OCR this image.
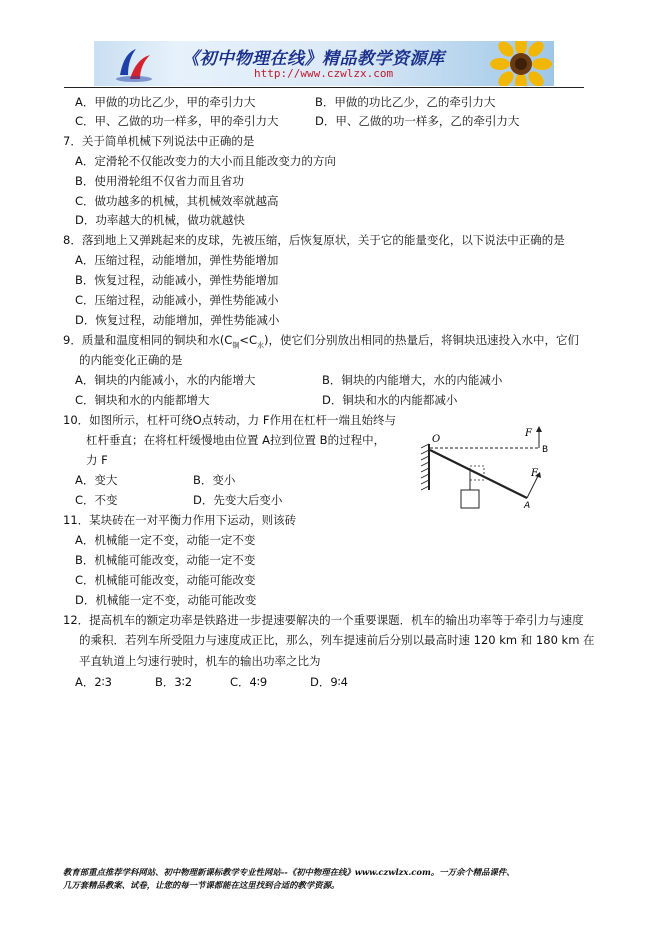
《初中物理在线》精品教学资源库
http://www.czwlzx.com
A．甲做的功比乙少，甲的牵引力大	B．甲做的功比乙少，乙的牵引力大
C．甲、乙做的功一样多，甲的牵引力大	D．甲、乙做的功一样多，乙的牵引力大
7．关于简单机械下列说法中正确的是
A．定滑轮不仅能改变力的大小而且能改变力的方向
B．使用滑轮组不仅省力而且省功
C．做功越多的机械，其机械效率就越高
D．功率越大的机械，做功就越快
8．落到地上又弹跳起来的皮球，先被压缩，后恢复原状，关于它的能量变化，以下说法中正确的是
A．压缩过程，动能增加，弹性势能增加
B．恢复过程，动能减小，弹性势能增加
C．压缩过程，动能减小，弹性势能减小
D．恢复过程，动能增加，弹性势能减小
9．质量和温度相同的铜块和水$(C_铜<C_水)$，使它们分别放出相同的热量后，将铜块迅速投入水中，它们
的内能变化正确的是
A．铜块的内能减小，水的内能增大	B．铜块的内能增大，水的内能减小
C．铜块和水的内能都增大	D．铜块和水的内能都减小
10．如图所示，杠杆可绕O点转动，力 F作用在杠杆一端且始终与
杠杆垂直；在将杠杆缓慢地由位置 A拉到位置 B的过程中，
力 F
A．变大	B．变小
C．不变	D．先变大后变小
O
F
B
F
A
11．某块砖在一对平衡力作用下运动，则该砖
A．机械能一定不变，动能一定不变
B．机械能可能改变，动能一定不变
C．机械能可能改变，动能可能改变
D．机械能一定不变，动能可能改变
12．提高机车的额定功率是铁路进一步提速要解决的一个重要课题．机车的输出功率等于牵引力与速度
的乘积．若列车所受阻力与速度成正比，那么，列车提速前后分别以最高时速 120 km 和 180 km 在
平直轨道上匀速行驶时，机车的输出功率之比为
A．2∶3	B．3∶2	C．4∶9	D．9∶4
教育部重点推荐学科网站、初中物理新课标教学专业性网站--《初中物理在线》www.czwlzx.com。一万余个精品课件、
几万套精品教案、试卷，让您的每一节课都能在这里找到合适的教学资源。
